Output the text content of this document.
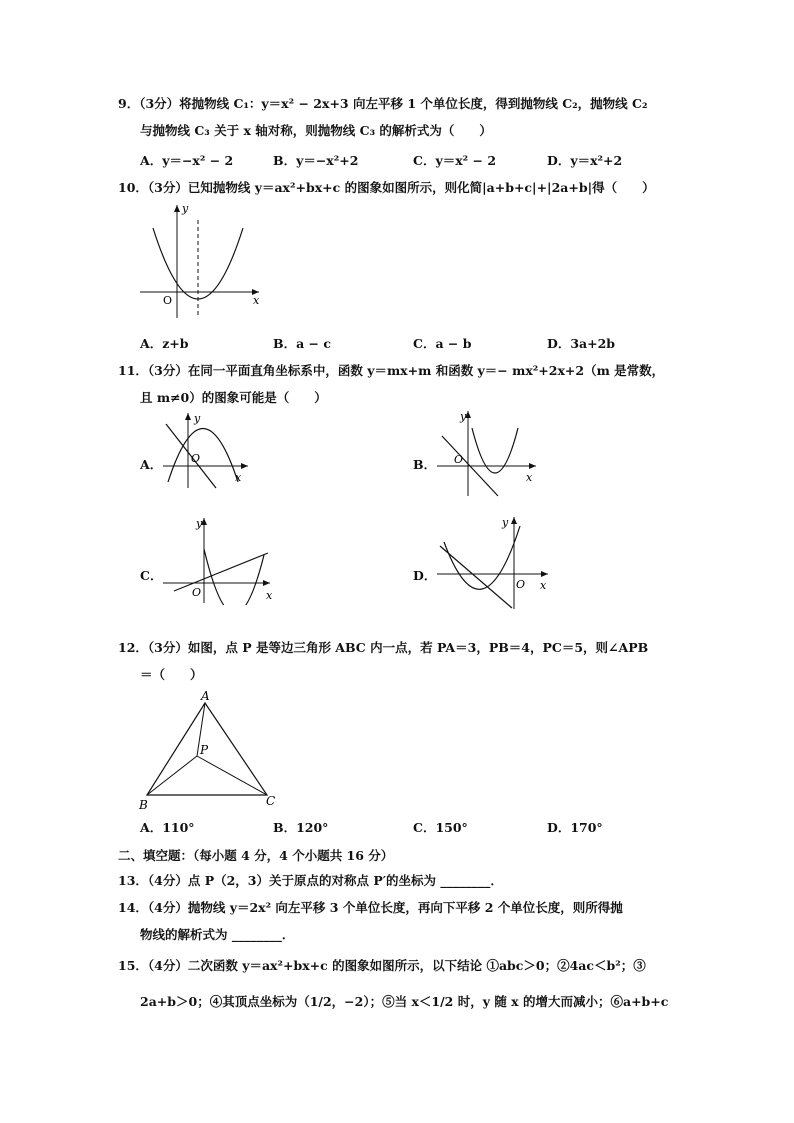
9．（3分）将抛物线 C₁：y＝x² − 2x+3 向左平移 1 个单位长度，得到抛物线 C₂，抛物线 C₂
与抛物线 C₃ 关于 x 轴对称，则抛物线 C₃ 的解析式为（　　）
A．y＝−x² − 2	B．y＝−x²+2	C．y＝x² − 2	D．y＝x²+2
10．（3分）已知抛物线 y＝ax²+bx+c 的图象如图所示，则化简|a+b+c|+|2a+b|得（　　）
y
x
O
A．z+b	B．a − c	C．a − b	D．3a+2b
11．（3分）在同一平面直角坐标系中，函数 y＝mx+m 和函数 y＝− mx²+2x+2（m 是常数，
且 m≠0）的图象可能是（　　）
A．
y
x
O	B．
y
x
O
C．
y
x
O
D．
y
x
O
12．（3分）如图，点 P 是等边三角形 ABC 内一点，若 PA＝3，PB＝4，PC＝5，则∠APB
＝（　　）
A
B	C
P
A．110°	B．120°	C．150°	D．170°
二、填空题：（每小题 4 分，4 个小题共 16 分）
13．（4分）点 P（2，3）关于原点的对称点 P′的坐标为 ________．
14．（4分）抛物线 y＝2x² 向左平移 3 个单位长度，再向下平移 2 个单位长度，则所得抛
物线的解析式为 ________．
15．（4分）二次函数 y＝ax²+bx+c 的图象如图所示，以下结论 ①abc＞0；②4ac＜b²；③
2a+b＞0；④其顶点坐标为（1/2，−2）；⑤当 x＜1/2 时，y 随 x 的增大而减小；⑥a+b+c
